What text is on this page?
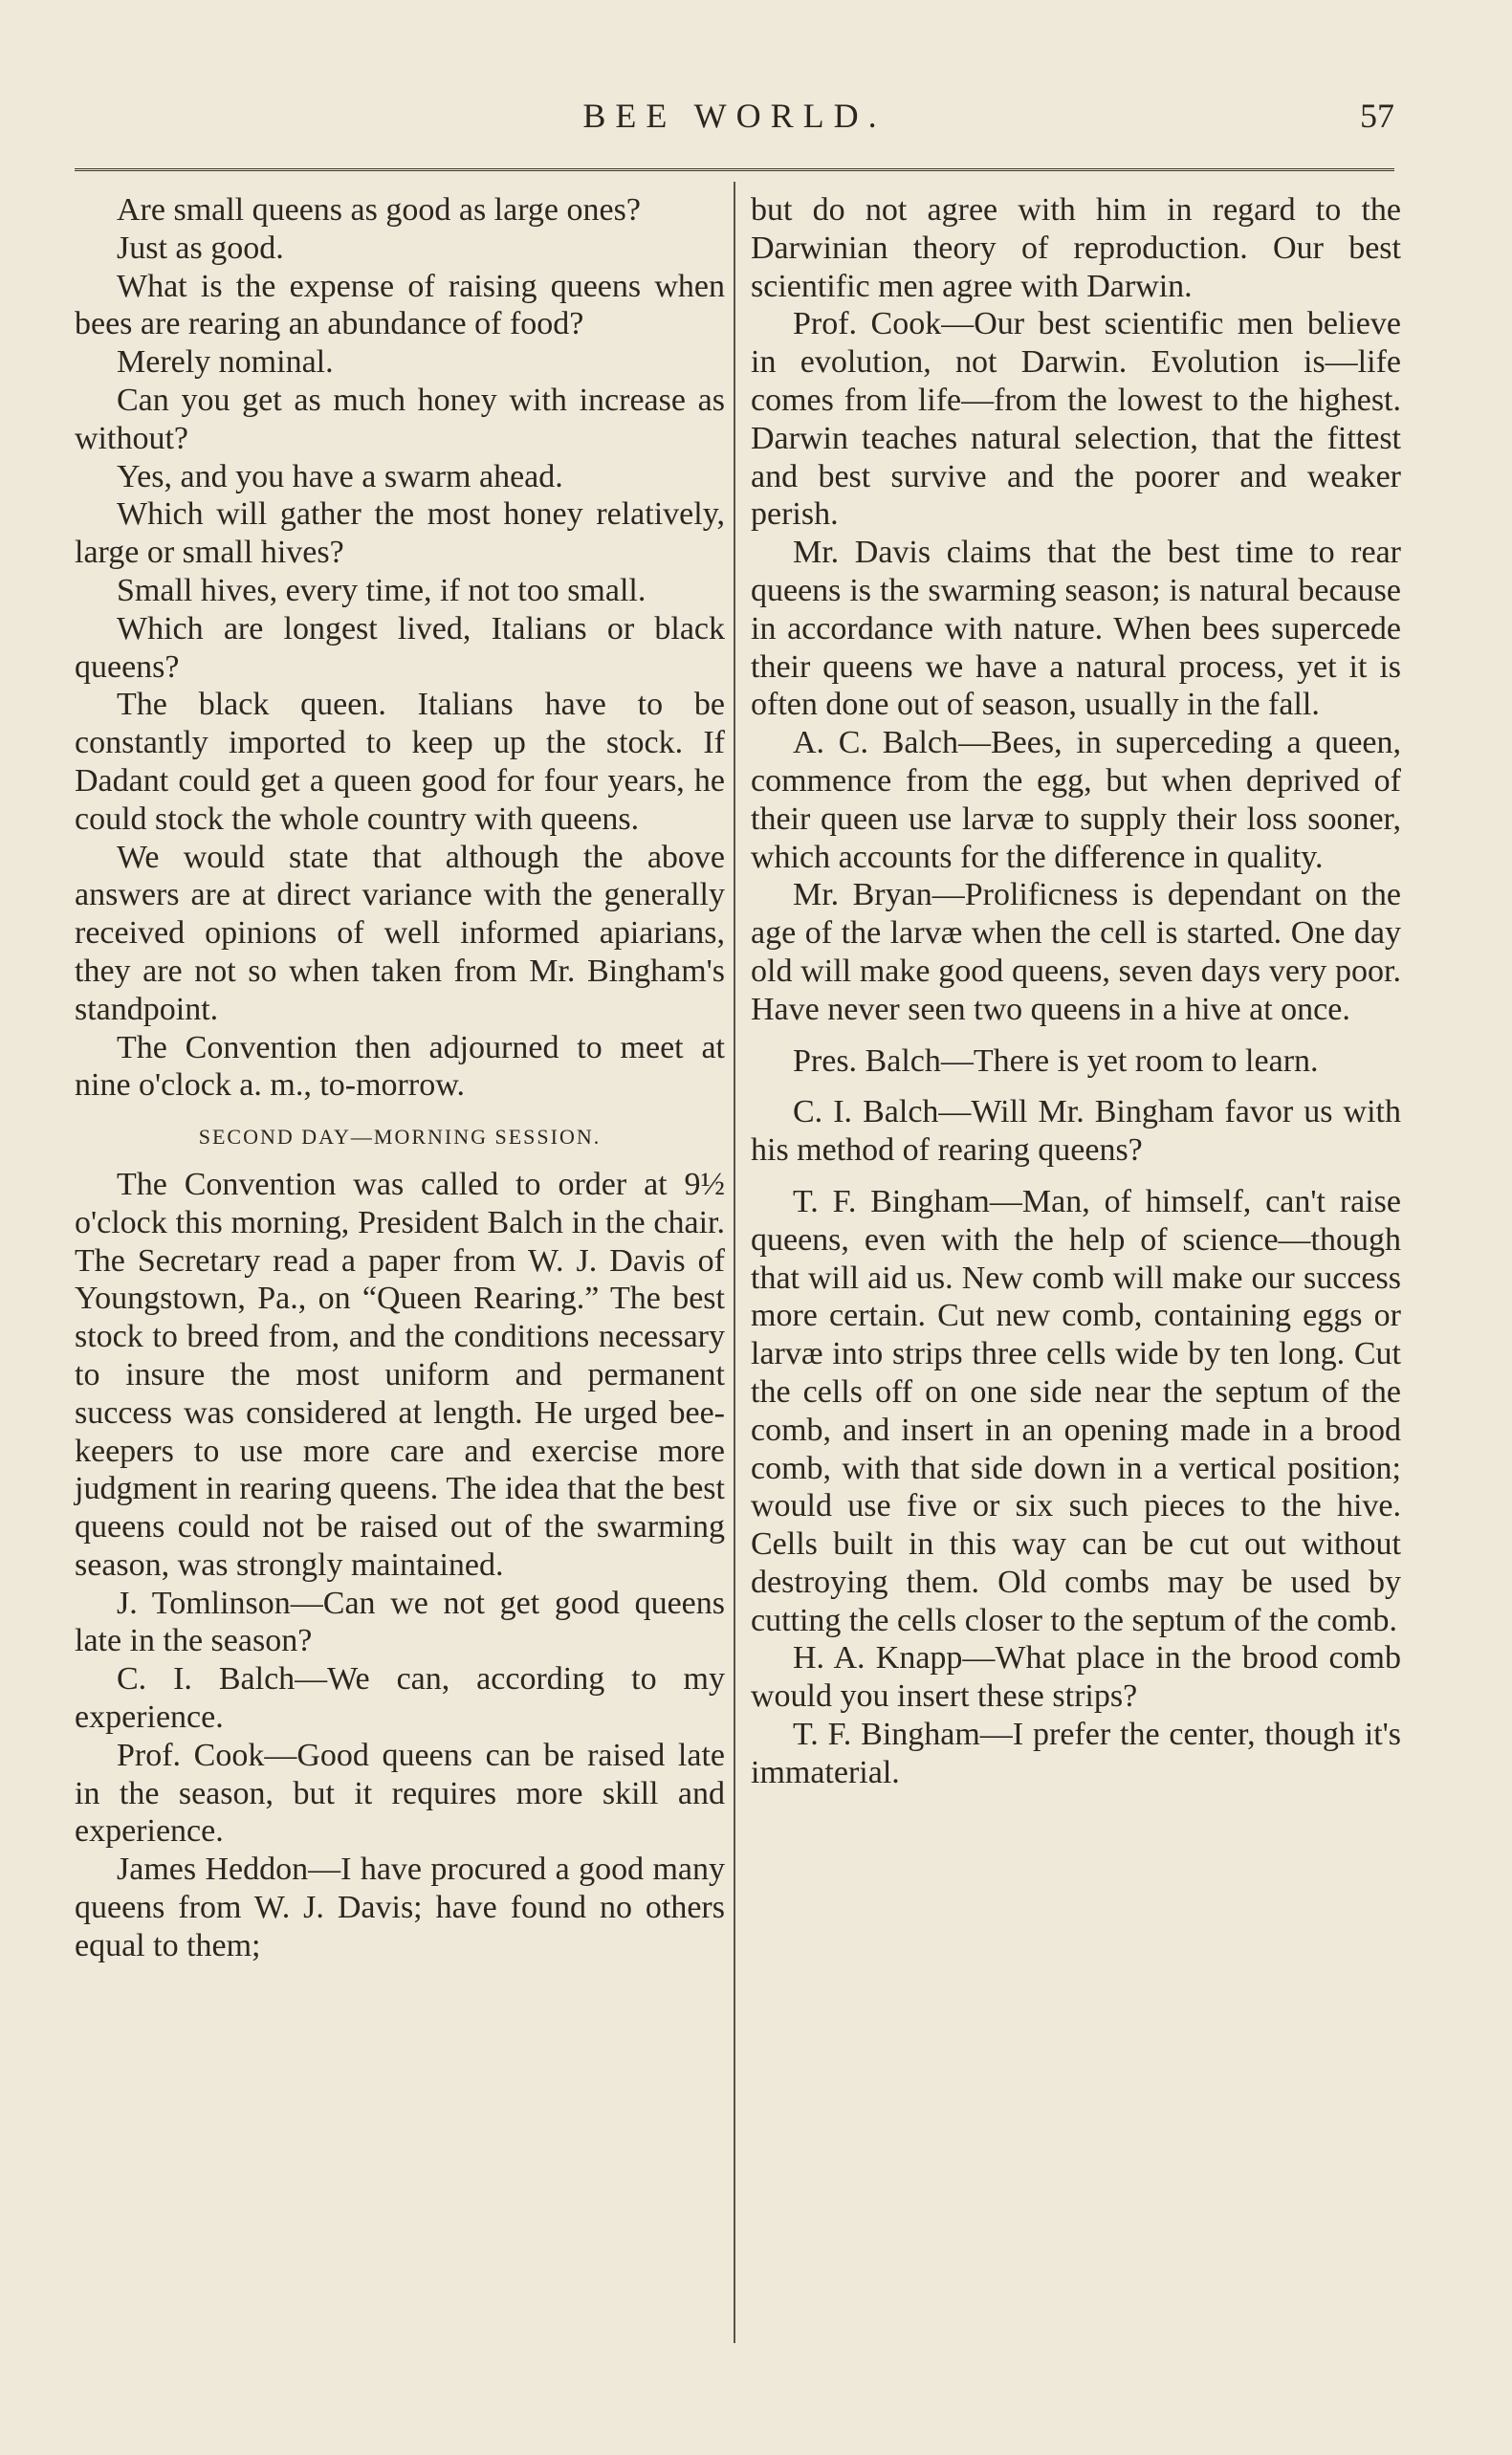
BEE WORLD.	57

Are small queens as good as large ones?

Just as good.

What is the expense of raising queens when bees are rearing an abundance of food?

Merely nominal.

Can you get as much honey with increase as without?

Yes, and you have a swarm ahead.

Which will gather the most honey relatively, large or small hives?

Small hives, every time, if not too small.

Which are longest lived, Italians or black queens?

The black queen. Italians have to be constantly imported to keep up the stock. If Dadant could get a queen good for four years, he could stock the whole country with queens.

We would state that although the above answers are at direct variance with the generally received opinions of well informed apiarians, they are not so when taken from Mr. Bingham's standpoint.

The Convention then adjourned to meet at nine o'clock a. m., to-morrow.

SECOND DAY—MORNING SESSION.

The Convention was called to order at 9½ o'clock this morning, President Balch in the chair. The Secretary read a paper from W. J. Davis of Youngstown, Pa., on “Queen Rearing.” The best stock to breed from, and the conditions necessary to insure the most uniform and permanent success was considered at length. He urged bee-keepers to use more care and exercise more judgment in rearing queens. The idea that the best queens could not be raised out of the swarming season, was strongly maintained.

J. Tomlinson—Can we not get good queens late in the season?

C. I. Balch—We can, according to my experience.

Prof. Cook—Good queens can be raised late in the season, but it requires more skill and experience.

James Heddon—I have procured a good many queens from W. J. Davis; have found no others equal to them;

but do not agree with him in regard to the Darwinian theory of reproduction. Our best scientific men agree with Darwin.

Prof. Cook—Our best scientific men believe in evolution, not Darwin. Evolution is—life comes from life—from the lowest to the highest. Darwin teaches natural selection, that the fittest and best survive and the poorer and weaker perish.

Mr. Davis claims that the best time to rear queens is the swarming season; is natural because in accordance with nature. When bees supercede their queens we have a natural process, yet it is often done out of season, usually in the fall.

A. C. Balch—Bees, in superceding a queen, commence from the egg, but when deprived of their queen use larvæ to supply their loss sooner, which accounts for the difference in quality.

Mr. Bryan—Prolificness is dependant on the age of the larvæ when the cell is started. One day old will make good queens, seven days very poor. Have never seen two queens in a hive at once.

Pres. Balch—There is yet room to learn.

C. I. Balch—Will Mr. Bingham favor us with his method of rearing queens?

T. F. Bingham—Man, of himself, can't raise queens, even with the help of science—though that will aid us. New comb will make our success more certain. Cut new comb, containing eggs or larvæ into strips three cells wide by ten long. Cut the cells off on one side near the septum of the comb, and insert in an opening made in a brood comb, with that side down in a vertical position; would use five or six such pieces to the hive. Cells built in this way can be cut out without destroying them. Old combs may be used by cutting the cells closer to the septum of the comb.

H. A. Knapp—What place in the brood comb would you insert these strips?

T. F. Bingham—I prefer the center, though it's immaterial.
